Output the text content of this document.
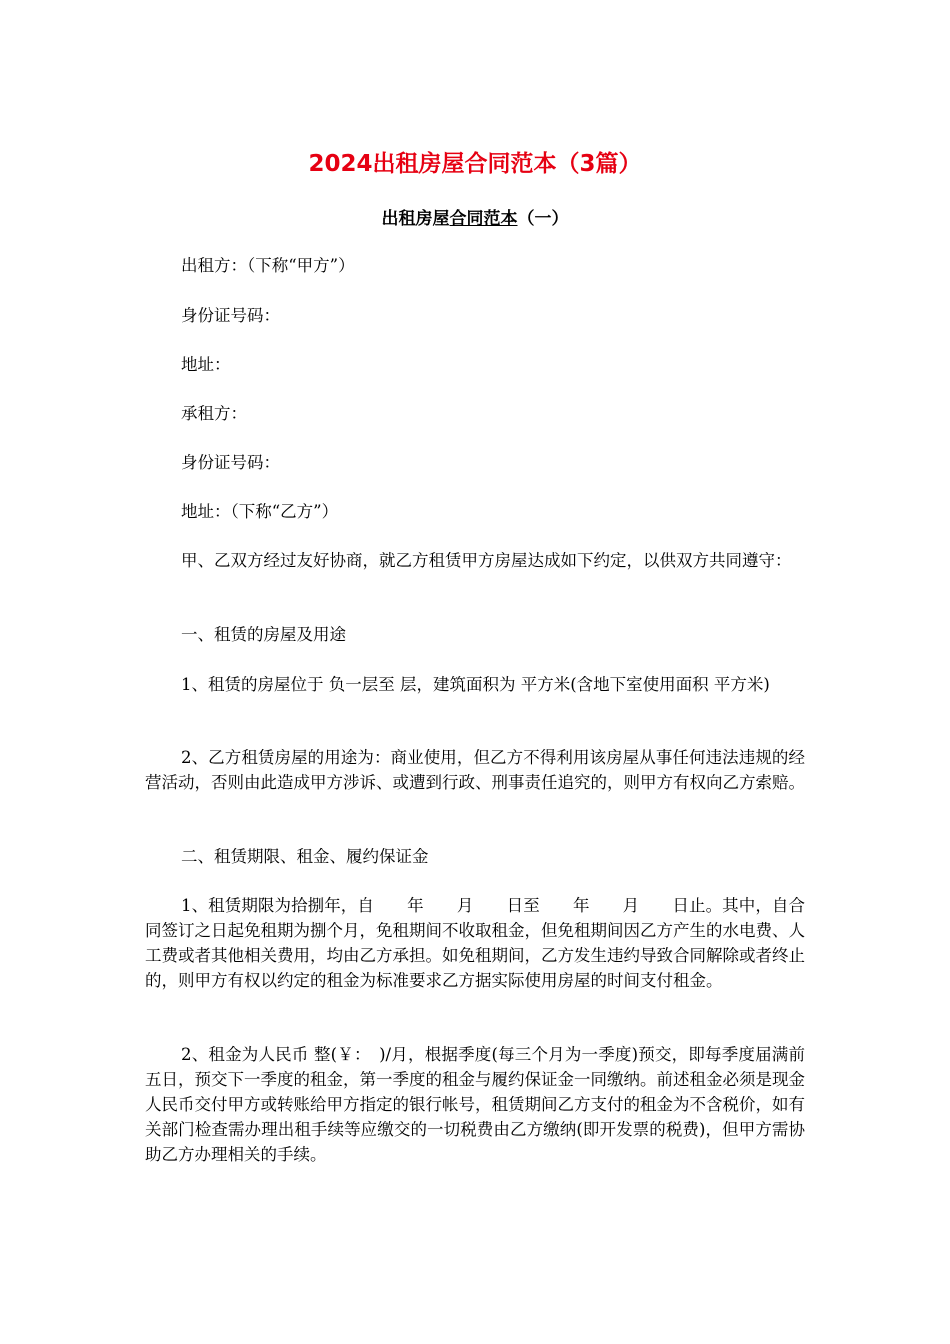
2024出租房屋合同范本（3篇）
出租房屋合同范本（一）

出租方：（下称“甲方”）

身份证号码：

地址：

承租方：

身份证号码：

地址：（下称“乙方”）

甲、乙双方经过友好协商，就乙方租赁甲方房屋达成如下约定，以供双方共同遵守：

一、租赁的房屋及用途

1、租赁的房屋位于 负一层至 层，建筑面积为 平方米(含地下室使用面积 平方米)

2、乙方租赁房屋的用途为：商业使用，但乙方不得利用该房屋从事任何违法违规的经营活动，否则由此造成甲方涉诉、或遭到行政、刑事责任追究的，则甲方有权向乙方索赔。

二、租赁期限、租金、履约保证金

1、租赁期限为拾捌年，自　　年　　月　　日至　　年　　月　　日止。其中，自合同签订之日起免租期为捌个月，免租期间不收取租金，但免租期间因乙方产生的水电费、人工费或者其他相关费用，均由乙方承担。如免租期间，乙方发生违约导致合同解除或者终止的，则甲方有权以约定的租金为标准要求乙方据实际使用房屋的时间支付租金。

2、租金为人民币 整(￥：　)/月，根据季度(每三个月为一季度)预交，即每季度届满前五日，预交下一季度的租金，第一季度的租金与履约保证金一同缴纳。前述租金必须是现金人民币交付甲方或转账给甲方指定的银行帐号，租赁期间乙方支付的租金为不含税价，如有关部门检查需办理出租手续等应缴交的一切税费由乙方缴纳(即开发票的税费)，但甲方需协助乙方办理相关的手续。
